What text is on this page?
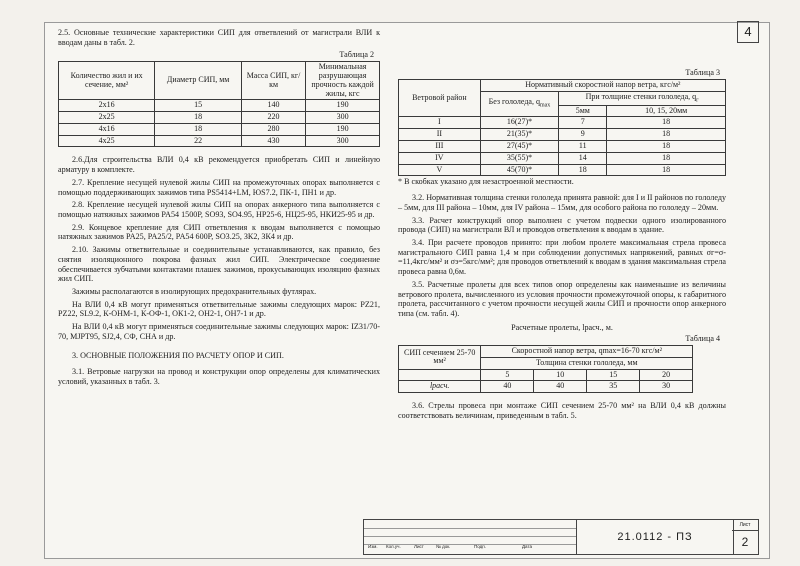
4

2.5. Основные технические характеристики СИП для ответвлений от магистрали ВЛИ к вводам даны в табл. 2.

Таблица 2
Количество жил и их сечение, мм²	Диаметр СИП, мм	Масса СИП, кг/км	Минимальная разрушающая прочность каждой жилы, кгс
2x16	15	140	190
2x25	18	220	300
4x16	18	280	190
4x25	22	430	300

2.6.Для строительства ВЛИ 0,4 кВ рекомендуется приобретать СИП и линейную арматуру в комплекте.

2.7. Крепление несущей нулевой жилы СИП на промежуточных опорах выполняется с помощью поддерживающих зажимов типа PS5414+LM, ЮS7.2, ПК-1, ПН1 и др.

2.8. Крепление несущей нулевой жилы СИП на опорах анкерного типа выполняется с помощью натяжных зажимов PA54 1500P, SO93, SO4.95, HP25-6, НЦ25-95, НКИ25-95 и др.

2.9. Концевое крепление для СИП ответвления к вводам выполняется с помощью натяжных зажимов PA25, PA25/2, PA54 600P, SO3.25, ЗК2, ЗК4 и др.

2.10. Зажимы ответвительные и соединительные устанавливаются, как правило, без снятия изоляционного покрова фазных жил СИП. Электрическое соединение обеспечивается зубчатыми контактами плашек зажимов, прокусывающих изоляцию фазных жил СИП.

Зажимы располагаются в изолирующих предохранительных футлярах.

На ВЛИ 0,4 кВ могут применяться ответвительные зажимы следующих марок: PZ21, PZ22, SL9.2, К-ОНМ-1, К-ОФ-1, ОК1-2, ОН2-1, ОН7-1 и др.

На ВЛИ 0,4 кВ могут применяться соединительные зажимы следующих марок: IZ31/70-70, MJPT95, SJ2,4, СФ, СНА и др.

3. ОСНОВНЫЕ ПОЛОЖЕНИЯ ПО РАСЧЕТУ ОПОР И СИП.

3.1. Ветровые нагрузки на провод и конструкции опор определены для климатических условий, указанных в табл. 3.

Таблица 3
Ветровой район	Нормативный скоростной напор ветра, кгс/м²		
	Без гололеда, $q_{max}$	При толщине стенки гололеда, $q_г$
		5мм	10, 15, 20мм
I	16(27)*	7	18
II	21(35)*	9	18
III	27(45)*	11	18
IV	35(55)*	14	18
V	45(70)*	18	18
* В скобках указано для незастроенной местности.

3.2. Нормативная толщина стенки гололеда принята равной: для I и II районов по гололеду – 5мм, для III района – 10мм, для IV района – 15мм, для особого района по гололеду – 20мм.

3.3. Расчет конструкций опор выполнен с учетом подвески одного изолированного провода (СИП) на магистрали ВЛ и проводов ответвления к вводам в здание.

3.4. При расчете проводов принято: при любом пролете максимальная стрела провеса магистрального СИП равна 1,4 м при соблюдении допустимых напряжений, равных σг=σ-=11,4кгс/мм² и σэ=5кгс/мм²; для проводов ответвлений к вводам в здания максимальная стрела провеса равна 0,6м.

3.5. Расчетные пролеты для всех типов опор определены как наименьшие из величины ветрового пролета, вычисленного из условия прочности промежуточной опоры, к габаритного пролета, рассчитанного с учетом прочности несущей жилы СИП и прочности опор анкерного типа (см. табл. 4).

Расчетные пролеты, lрасч., м.
Таблица 4
СИП сечением 25-70 мм²	Скоростной напор ветра, qmax=16-70 кгс/м²			
	Толщина стенки гололеда, мм			
	5	10	15	20
lрасч.	40	40	35	30

3.6. Стрелы провеса при монтаже СИП сечением 25-70 мм² на ВЛИ 0,4 кВ должны соответствовать величинам, приведенным в табл. 5.

Изм. Кол.уч.	Лист	№ док.	Подп.	Дата
21.0112 - ПЗ
Лист
2
